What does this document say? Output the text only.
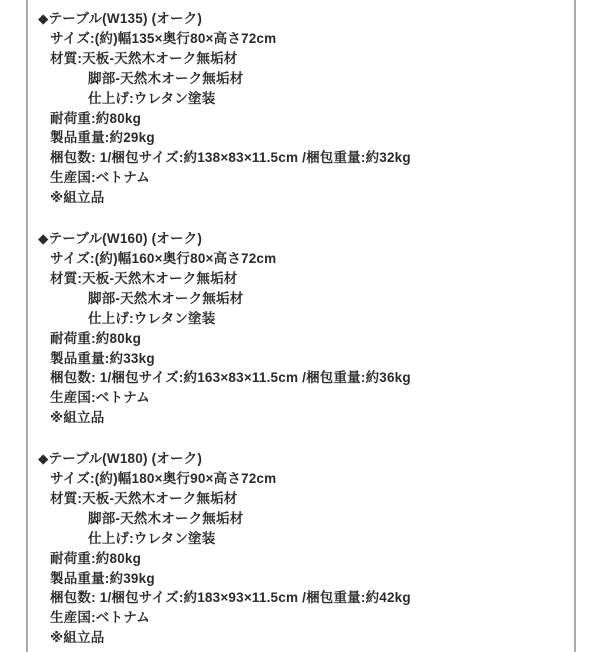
◆テーブル(W135) (オーク)
サイズ:(約)幅135×奥行80×高さ72cm
材質:天板-天然木オーク無垢材
脚部-天然木オーク無垢材
仕上げ:ウレタン塗装
耐荷重:約80kg
製品重量:約29kg
梱包数: 1/梱包サイズ:約138×83×11.5cm /梱包重量:約32kg
生産国:ベトナム
※組立品
◆テーブル(W160) (オーク)
サイズ:(約)幅160×奥行80×高さ72cm
材質:天板-天然木オーク無垢材
脚部-天然木オーク無垢材
仕上げ:ウレタン塗装
耐荷重:約80kg
製品重量:約33kg
梱包数: 1/梱包サイズ:約163×83×11.5cm /梱包重量:約36kg
生産国:ベトナム
※組立品
◆テーブル(W180) (オーク)
サイズ:(約)幅180×奥行90×高さ72cm
材質:天板-天然木オーク無垢材
脚部-天然木オーク無垢材
仕上げ:ウレタン塗装
耐荷重:約80kg
製品重量:約39kg
梱包数: 1/梱包サイズ:約183×93×11.5cm /梱包重量:約42kg
生産国:ベトナム
※組立品
